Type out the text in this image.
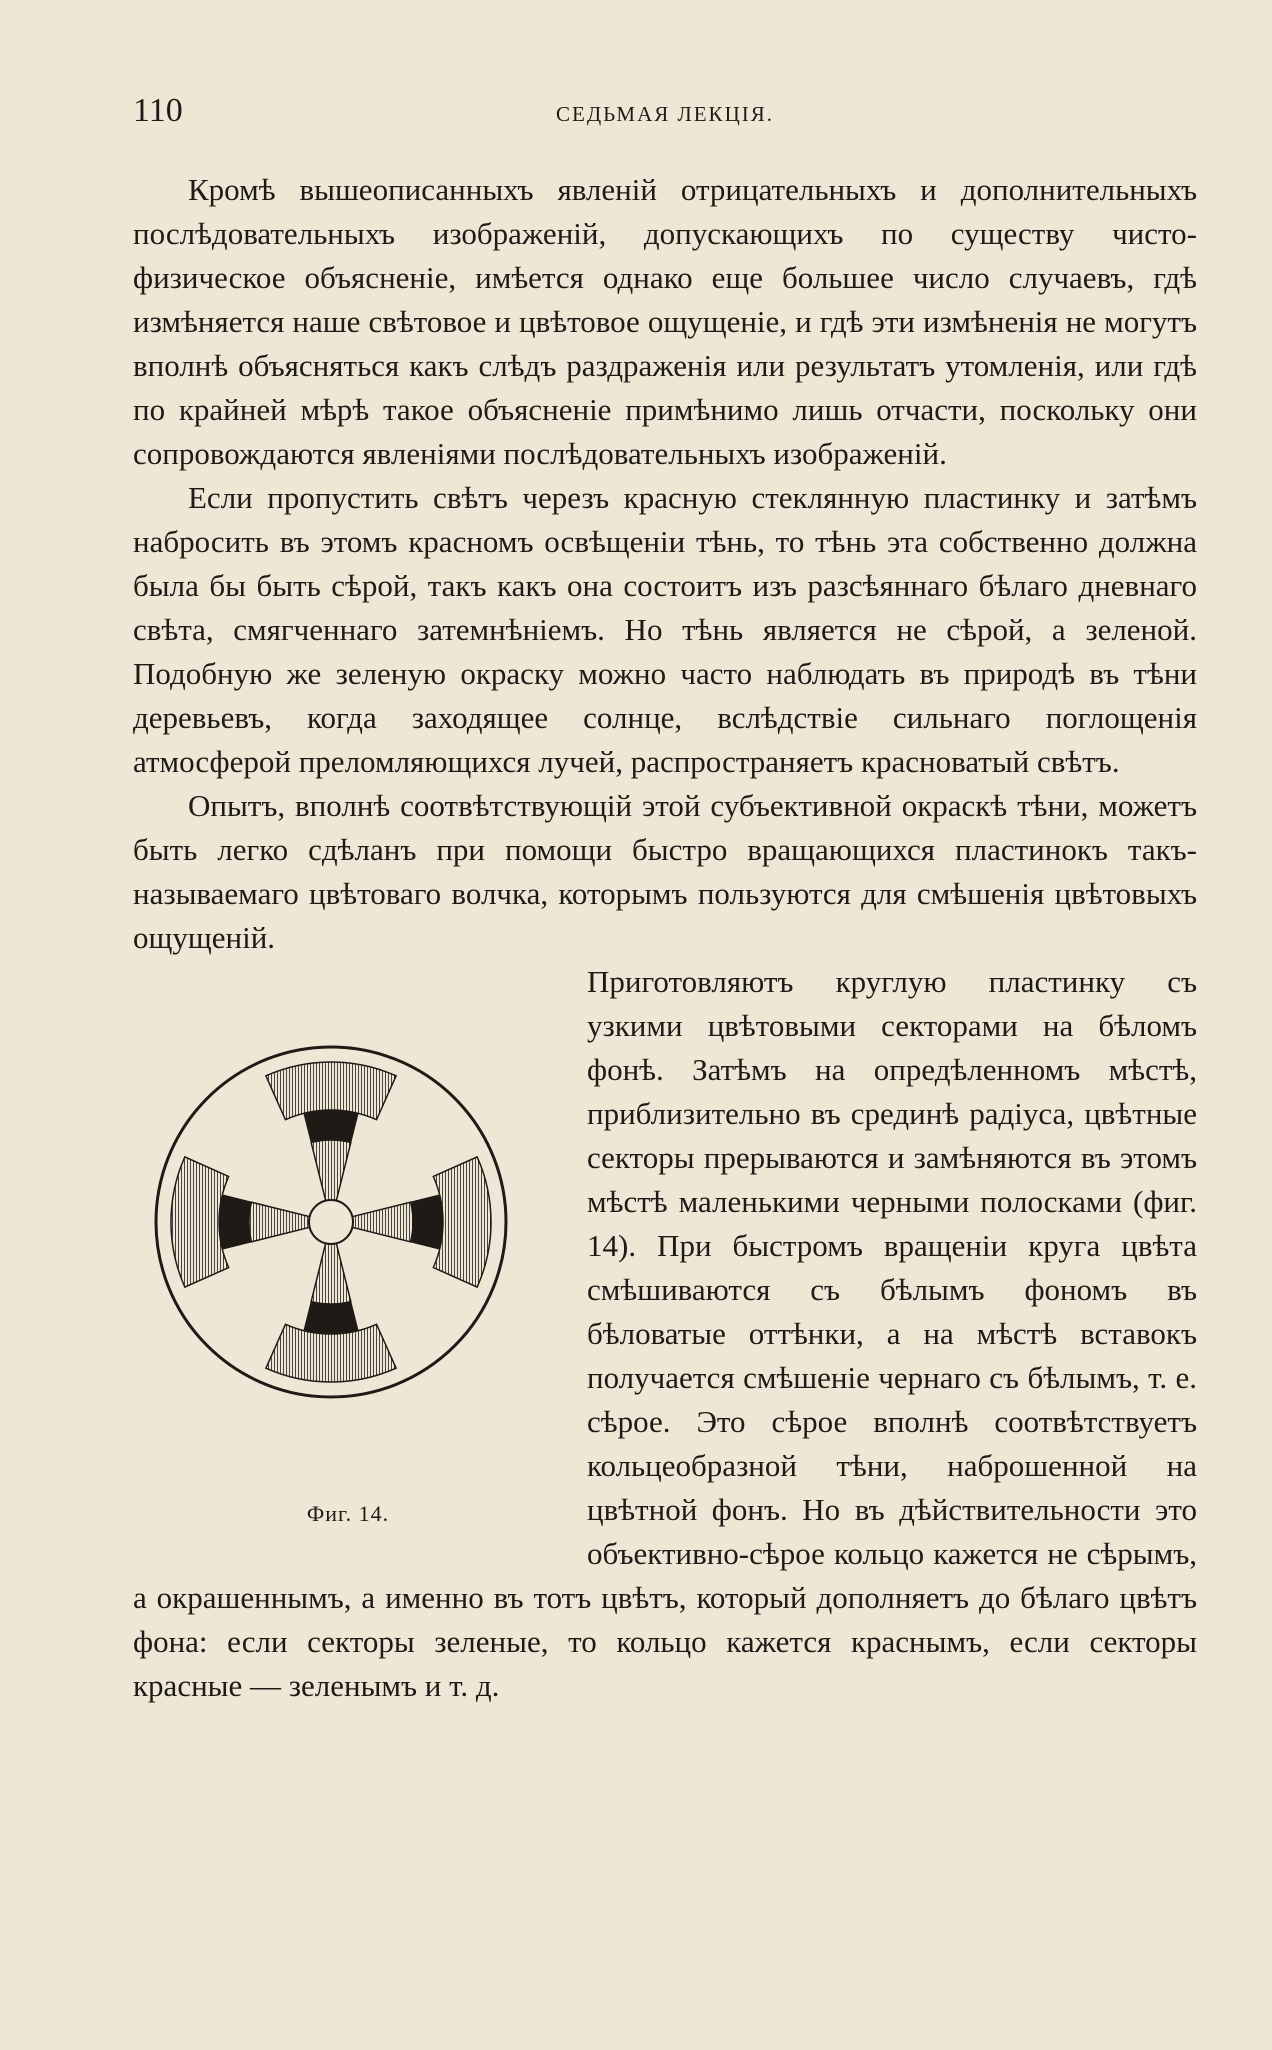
110	СЕДЬМАЯ ЛЕКЦІЯ.

Кромѣ вышеописанныхъ явленій отрицательныхъ и дополнительныхъ послѣдовательныхъ изображеній, допускающихъ по существу чисто-физическое объясненіе, имѣется однако еще большее число случаевъ, гдѣ измѣняется наше свѣтовое и цвѣтовое ощущеніе, и гдѣ эти измѣненія не могутъ вполнѣ объясняться какъ слѣдъ раздраженія или результатъ утомленія, или гдѣ по крайней мѣрѣ такое объясненіе примѣнимо лишь отчасти, поскольку они сопровождаются явленіями послѣдовательныхъ изображеній.

Если пропустить свѣтъ черезъ красную стеклянную пластинку и затѣмъ набросить въ этомъ красномъ освѣщеніи тѣнь, то тѣнь эта собственно должна была бы быть сѣрой, такъ какъ она состоитъ изъ разсѣяннаго бѣлаго дневнаго свѣта, смягченнаго затемнѣніемъ. Но тѣнь является не сѣрой, а зеленой. Подобную же зеленую окраску можно часто наблюдать въ природѣ въ тѣни деревьевъ, когда заходящее солнце, вслѣдствіе сильнаго поглощенія атмосферой преломляющихся лучей, распространяетъ красноватый свѣтъ.

Опытъ, вполнѣ соотвѣтствующій этой субъективной окраскѣ тѣни, можетъ быть легко сдѣланъ при помощи быстро вращающихся пластинокъ такъ-называемаго цвѣтоваго волчка, которымъ пользуются для смѣшенія цвѣтовыхъ ощущеній.

Фиг. 14.

Приготовляютъ круглую пластинку съ узкими цвѣтовыми секторами на бѣломъ фонѣ. Затѣмъ на опредѣленномъ мѣстѣ, приблизительно въ срединѣ радіуса, цвѣтные секторы прерываются и замѣняются въ этомъ мѣстѣ маленькими черными полосками (фиг. 14). При быстромъ вращеніи круга цвѣта смѣшиваются съ бѣлымъ фономъ въ бѣловатые оттѣнки, а на мѣстѣ вставокъ получается смѣшеніе чернаго съ бѣлымъ, т. е. сѣрое. Это сѣрое вполнѣ соотвѣтствуетъ кольцеобразной тѣни, наброшенной на цвѣтной фонъ. Но въ дѣйствительности это объективно-сѣрое кольцо кажется не сѣрымъ, а окрашеннымъ, а именно въ тотъ цвѣтъ, который дополняетъ до бѣлаго цвѣтъ фона: если секторы зеленые, то кольцо кажется краснымъ, если секторы красные — зеленымъ и т. д.
